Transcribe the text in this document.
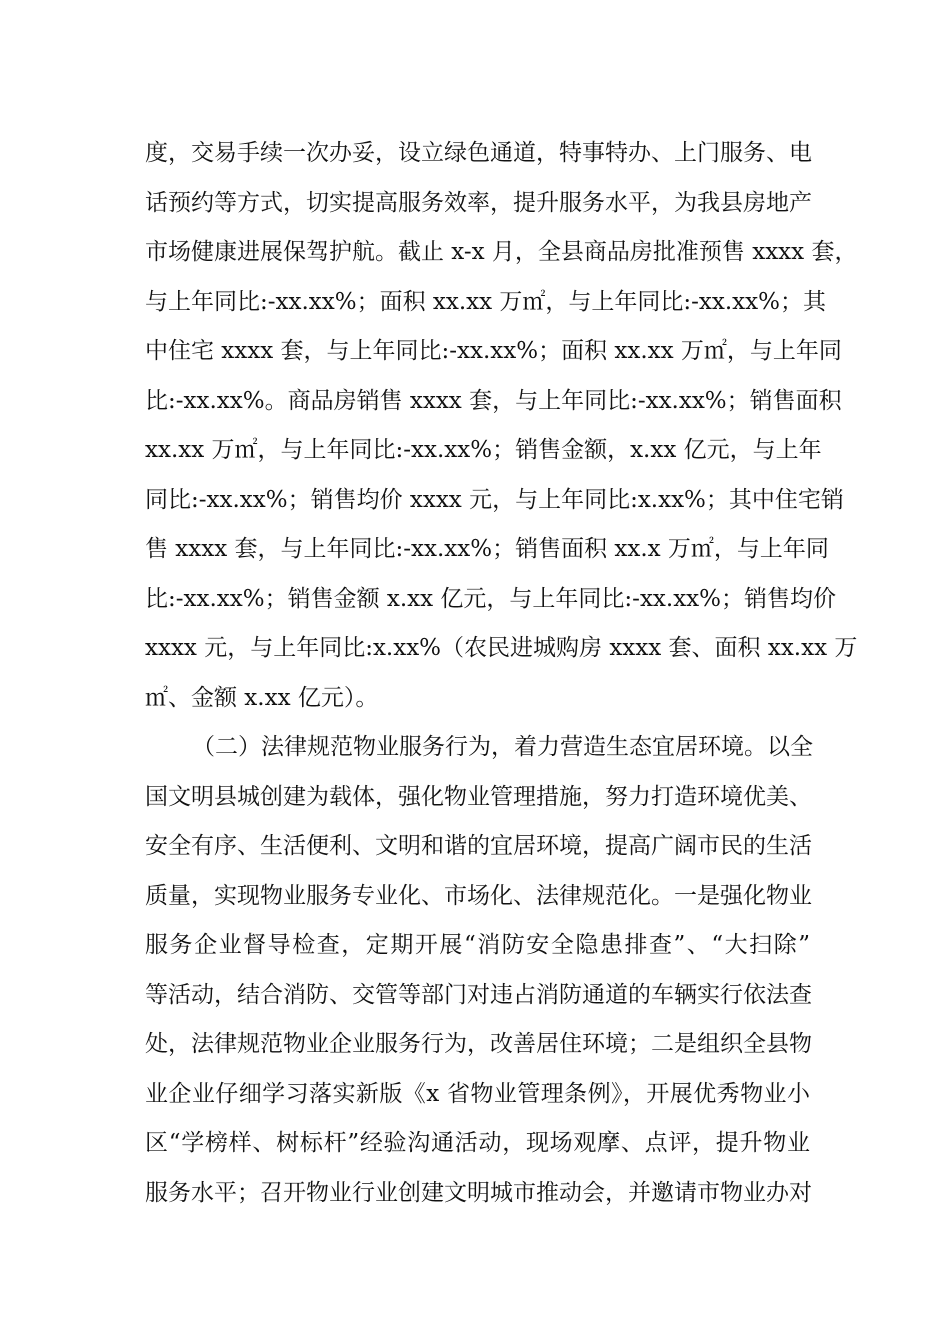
度，交易手续一次办妥，设立绿色通道，特事特办、上门服务、电
话预约等方式，切实提高服务效率，提升服务水平，为我县房地产
市场健康进展保驾护航。截止 x-x 月，全县商品房批准预售 xxxx 套，
与上年同比:-xx.xx%；面积 xx.xx 万㎡，与上年同比:-xx.xx%；其
中住宅 xxxx 套，与上年同比:-xx.xx%；面积 xx.xx 万㎡，与上年同
比:-xx.xx%。商品房销售 xxxx 套，与上年同比:-xx.xx%；销售面积
xx.xx 万㎡，与上年同比:-xx.xx%；销售金额，x.xx 亿元，与上年
同比:-xx.xx%；销售均价 xxxx 元，与上年同比:x.xx%；其中住宅销
售 xxxx 套，与上年同比:-xx.xx%；销售面积 xx.x 万㎡，与上年同
比:-xx.xx%；销售金额 x.xx 亿元，与上年同比:-xx.xx%；销售均价
xxxx 元，与上年同比:x.xx%（农民进城购房 xxxx 套、面积 xx.xx 万
㎡、金额 x.xx 亿元）。
（二）法律规范物业服务行为，着力营造生态宜居环境。以全
国文明县城创建为载体，强化物业管理措施，努力打造环境优美、
安全有序、生活便利、文明和谐的宜居环境，提高广阔市民的生活
质量，实现物业服务专业化、市场化、法律规范化。一是强化物业
服务企业督导检查，定期开展“消防安全隐患排查”、“大扫除”
等活动，结合消防、交管等部门对违占消防通道的车辆实行依法查
处，法律规范物业企业服务行为，改善居住环境；二是组织全县物
业企业仔细学习落实新版《x 省物业管理条例》，开展优秀物业小
区“学榜样、树标杆”经验沟通活动，现场观摩、点评，提升物业
服务水平；召开物业行业创建文明城市推动会，并邀请市物业办对
